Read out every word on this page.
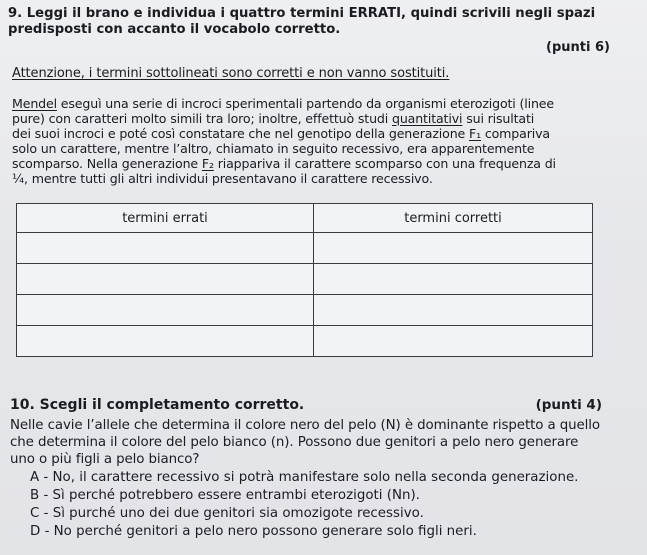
9. Leggi il brano e individua i quattro termini ERRATI, quindi scrivili negli spazi
predisposti con accanto il vocabolo corretto.

(punti 6)
Attenzione, i termini sottolineati sono corretti e non vanno sostituiti.

Mendel eseguì una serie di incroci sperimentali partendo da organismi eterozigoti (linee
pure) con caratteri molto simili tra loro; inoltre, effettuò studi quantitativi sui risultati
dei suoi incroci e poté così constatare che nel genotipo della generazione F₁ compariva
solo un carattere, mentre l’altro, chiamato in seguito recessivo, era apparentemente
scomparso. Nella generazione F₂ riappariva il carattere scomparso con una frequenza di
¼, mentre tutti gli altri individui presentavano il carattere recessivo.

termini errati	termini corretti

10. Scegli il completamento corretto.	(punti 4)

Nelle cavie l’allele che determina il colore nero del pelo (N) è dominante rispetto a quello
che determina il colore del pelo bianco (n). Possono due genitori a pelo nero generare
uno o più figli a pelo bianco?

A - No, il carattere recessivo si potrà manifestare solo nella seconda generazione.
B - Sì perché potrebbero essere entrambi eterozigoti (Nn).
C - Sì purché uno dei due genitori sia omozigote recessivo.
D - No perché genitori a pelo nero possono generare solo figli neri.
